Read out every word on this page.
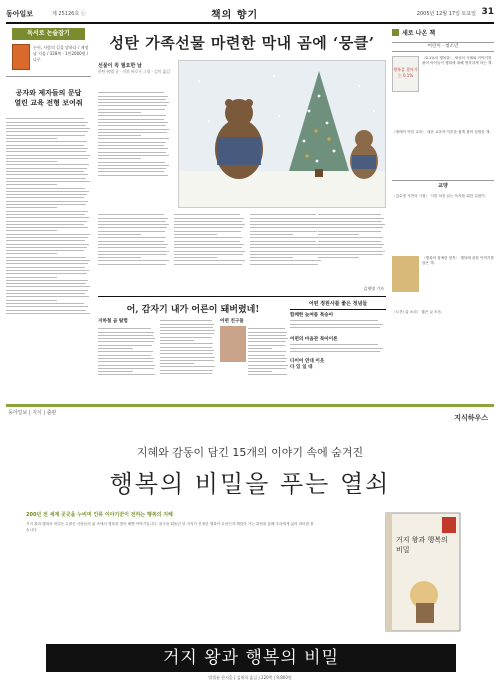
동아일보	제 25126호 ⓒ	책의 향기	2005년 12월 17일 토요일 31
독서로 논술잡기
논어, 사람의 길을 말하다 / 재정남 지음 / 328쪽 · 1만2000원 / 나무
공자와 제자들의 문답
열린 교육 전형 보여줘
성탄 가족선물 마련한 막내 곰에 ‘뭉클’
선물이 꼭 필요한 날
마틴 워델 글 · 이브 바로우 그림 · 김미 옮김
김재명 기자
어, 감자기 내가 어른이 돼버렸네!
지하철 곰 탐험	어떤 친구들
어떤 정원사를 좋은 정녕들
함께한 늦여름 복숭아
어떤의 마음관 북아이론
다이어 연대 이웃
다 있 일 대
새로 나온 책
어린이 · 청소년
행복을 찾아가는 0.1%
〈0.1%의 행복을〉 세상의 사례와 이야기를 풀어 아이들이 행복에 대해 생각하게 하는 책.
〈계에이 약한 교육〉 대한 교육학 이론을 쉽게 풀어 설명한 책.
교양
〈김수영 시전의 시집〉 시를 처음 읽는 독자를 위한 길잡이.
〈행복의 첨예한 항목〉 행복에 관한 이야기를 담은 책.
〈도전! 삶 소리〉 짧은 글 모음.
동아일보 | 지식 | 출판
지식하우스
지혜와 감동이 담긴 15개의 이야기 속에 숨겨진
행복의 비밀을 푸는 열쇠
200년 전 세계 곳곳을 누비며 인류 이야기꾼이 전하는 행복의 지혜
거지 왕과 행복의 비밀은 수많은 사람들의 삶 속에서 행복을 찾아 헤맨 이야기입니다. 왕국을 떠돌던 한 거지가 진정한 행복이 무엇인지 깨달아 가는 과정을 통해 우리에게 삶의 의미를 묻습니다.
거지 왕과 행복의 비밀
거지 왕과 행복의 비밀
빌헬름 한지음 | 김재희 옮김 | 220쪽 | 9,800원
